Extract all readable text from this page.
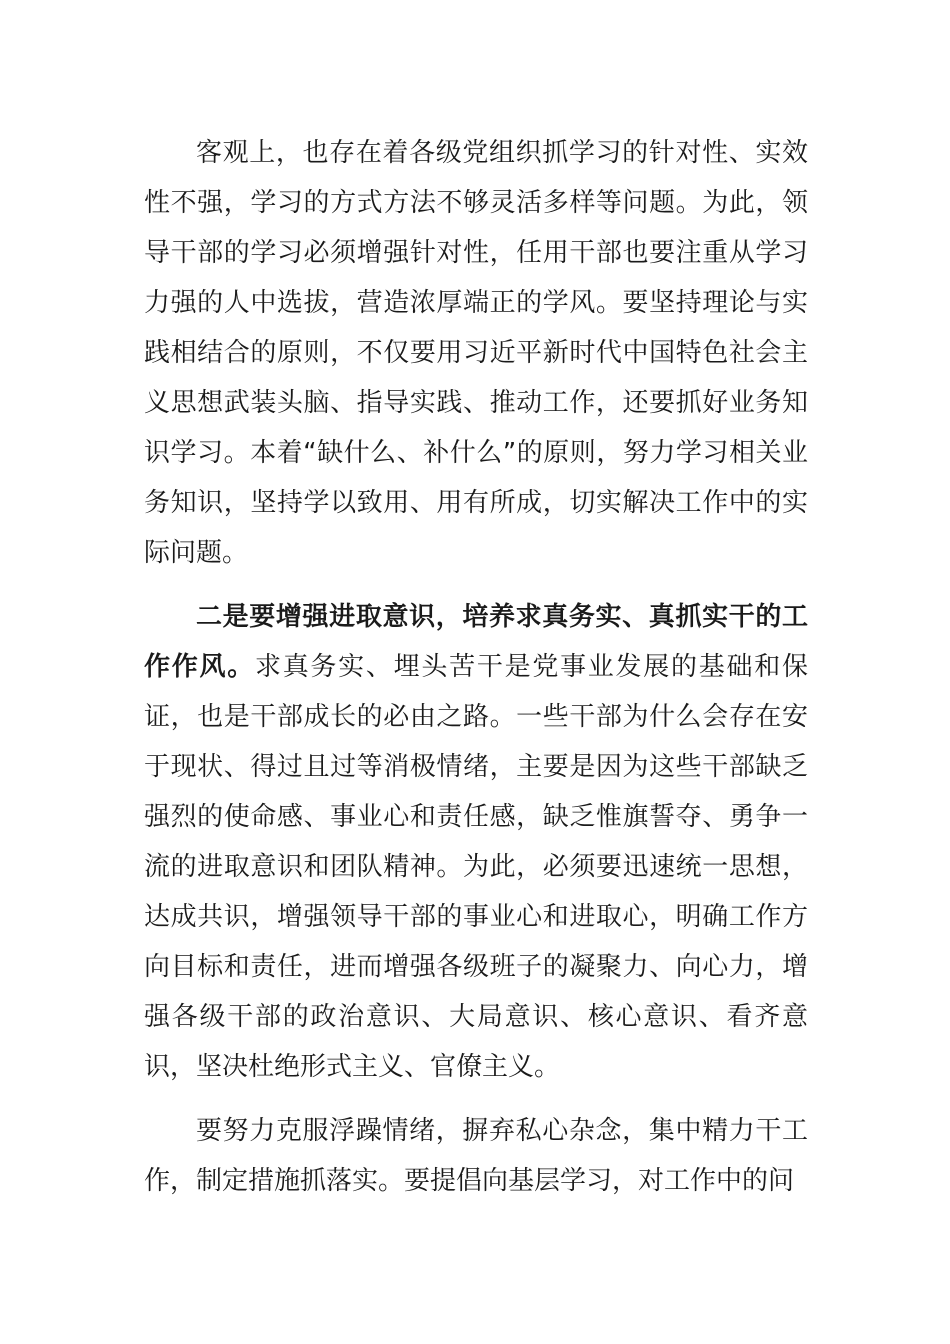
客观上，也存在着各级党组织抓学习的针对性、实效性不强，学习的方式方法不够灵活多样等问题。为此，领导干部的学习必须增强针对性，任用干部也要注重从学习力强的人中选拔，营造浓厚端正的学风。要坚持理论与实践相结合的原则，不仅要用习近平新时代中国特色社会主义思想武装头脑、指导实践、推动工作，还要抓好业务知识学习。本着“缺什么、补什么”的原则，努力学习相关业务知识，坚持学以致用、用有所成，切实解决工作中的实际问题。

二是要增强进取意识，培养求真务实、真抓实干的工作作风。求真务实、埋头苦干是党事业发展的基础和保证，也是干部成长的必由之路。一些干部为什么会存在安于现状、得过且过等消极情绪，主要是因为这些干部缺乏强烈的使命感、事业心和责任感，缺乏惟旗誓夺、勇争一流的进取意识和团队精神。为此，必须要迅速统一思想，达成共识，增强领导干部的事业心和进取心，明确工作方向目标和责任，进而增强各级班子的凝聚力、向心力，增强各级干部的政治意识、大局意识、核心意识、看齐意识，坚决杜绝形式主义、官僚主义。

要努力克服浮躁情绪，摒弃私心杂念，集中精力干工作，制定措施抓落实。要提倡向基层学习，对工作中的问
